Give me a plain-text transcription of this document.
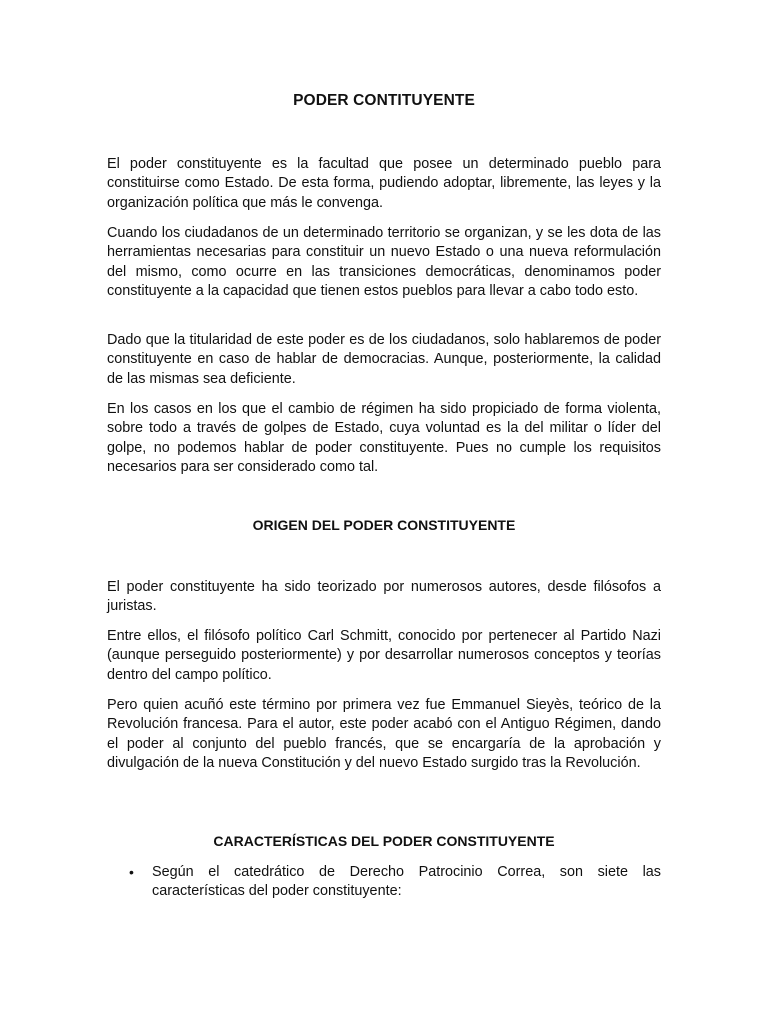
PODER CONTITUYENTE

El poder constituyente es la facultad que posee un determinado pueblo para constituirse como Estado. De esta forma, pudiendo adoptar, libremente, las leyes y la organización política que más le convenga.

Cuando los ciudadanos de un determinado territorio se organizan, y se les dota de las herramientas necesarias para constituir un nuevo Estado o una nueva reformulación del mismo, como ocurre en las transiciones democráticas, denominamos poder constituyente a la capacidad que tienen estos pueblos para llevar a cabo todo esto.

Dado que la titularidad de este poder es de los ciudadanos, solo hablaremos de poder constituyente en caso de hablar de democracias. Aunque, posteriormente, la calidad de las mismas sea deficiente.

En los casos en los que el cambio de régimen ha sido propiciado de forma violenta, sobre todo a través de golpes de Estado, cuya voluntad es la del militar o líder del golpe, no podemos hablar de poder constituyente. Pues no cumple los requisitos necesarios para ser considerado como tal.

ORIGEN DEL PODER CONSTITUYENTE

El poder constituyente ha sido teorizado por numerosos autores, desde filósofos a juristas.

Entre ellos, el filósofo político Carl Schmitt, conocido por pertenecer al Partido Nazi (aunque perseguido posteriormente) y por desarrollar numerosos conceptos y teorías dentro del campo político.

Pero quien acuñó este término por primera vez fue Emmanuel Sieyès, teórico de la Revolución francesa. Para el autor, este poder acabó con el Antiguo Régimen, dando el poder al conjunto del pueblo francés, que se encargaría de la aprobación y divulgación de la nueva Constitución y del nuevo Estado surgido tras la Revolución.

CARACTERÍSTICAS DEL PODER CONSTITUYENTE
• Según el catedrático de Derecho Patrocinio Correa, son siete las características del poder constituyente:
